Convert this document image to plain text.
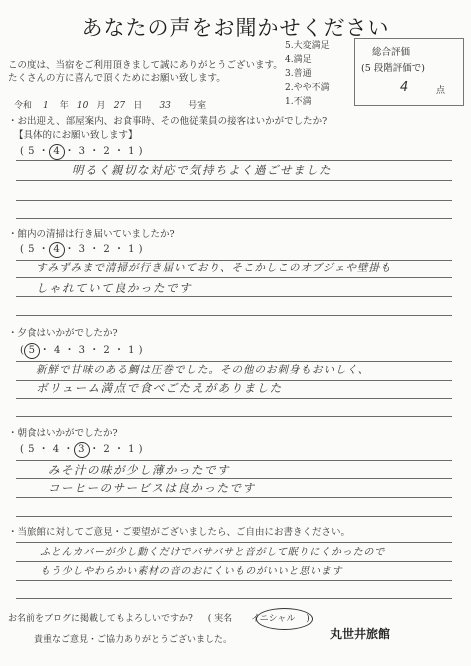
あなたの声をお聞かせください
この度は、当宿をご利用頂きまして誠にありがとうございます。
たくさんの方に喜んで頂くためにお願い致します。
5.大変満足
4.満足
3.普通
2.やや不満
1.不満
総合評価
(5 段階評価で)
4	点
令和 1 年 10 月 27 日 33 号室
・お出迎え、部屋案内、お食事時、その他従業員の接客はいかがでしたか?
【具体的にお願い致します】
( 5 ・ 4 ・ 3 ・ 2 ・ 1 )
明るく親切な対応で気持ちよく過ごせました
・館内の清掃は行き届いていましたか?
( 5 ・ 4 ・ 3 ・ 2 ・ 1 )
すみずみまで清掃が行き届いており、そこかしこのオブジェや壁掛も
しゃれていて良かったです
・夕食はいかがでしたか?
( 5 ・ 4 ・ 3 ・ 2 ・ 1 )
新鮮で甘味のある鯛は圧巻でした。その他のお刺身もおいしく、
ボリューム満点で食べごたえがありました
・朝食はいかがでしたか?
( 5 ・ 4 ・ 3 ・ 2 ・ 1 )
みそ汁の味が少し薄かったです
コーヒーのサービスは良かったです
・当旅館に対してご意見・ご要望がございましたら、ご自由にお書きください。
ふとんカバーが少し動くだけでバサバサと音がして眠りにくかったので
もう少しやわらかい素材の音のおにくいものがいいと思います
お名前をブログに掲載してもよろしいですか? ( 実名 イニシャル )
貴重なご意見・ご協力ありがとうございました。	丸世井旅館
